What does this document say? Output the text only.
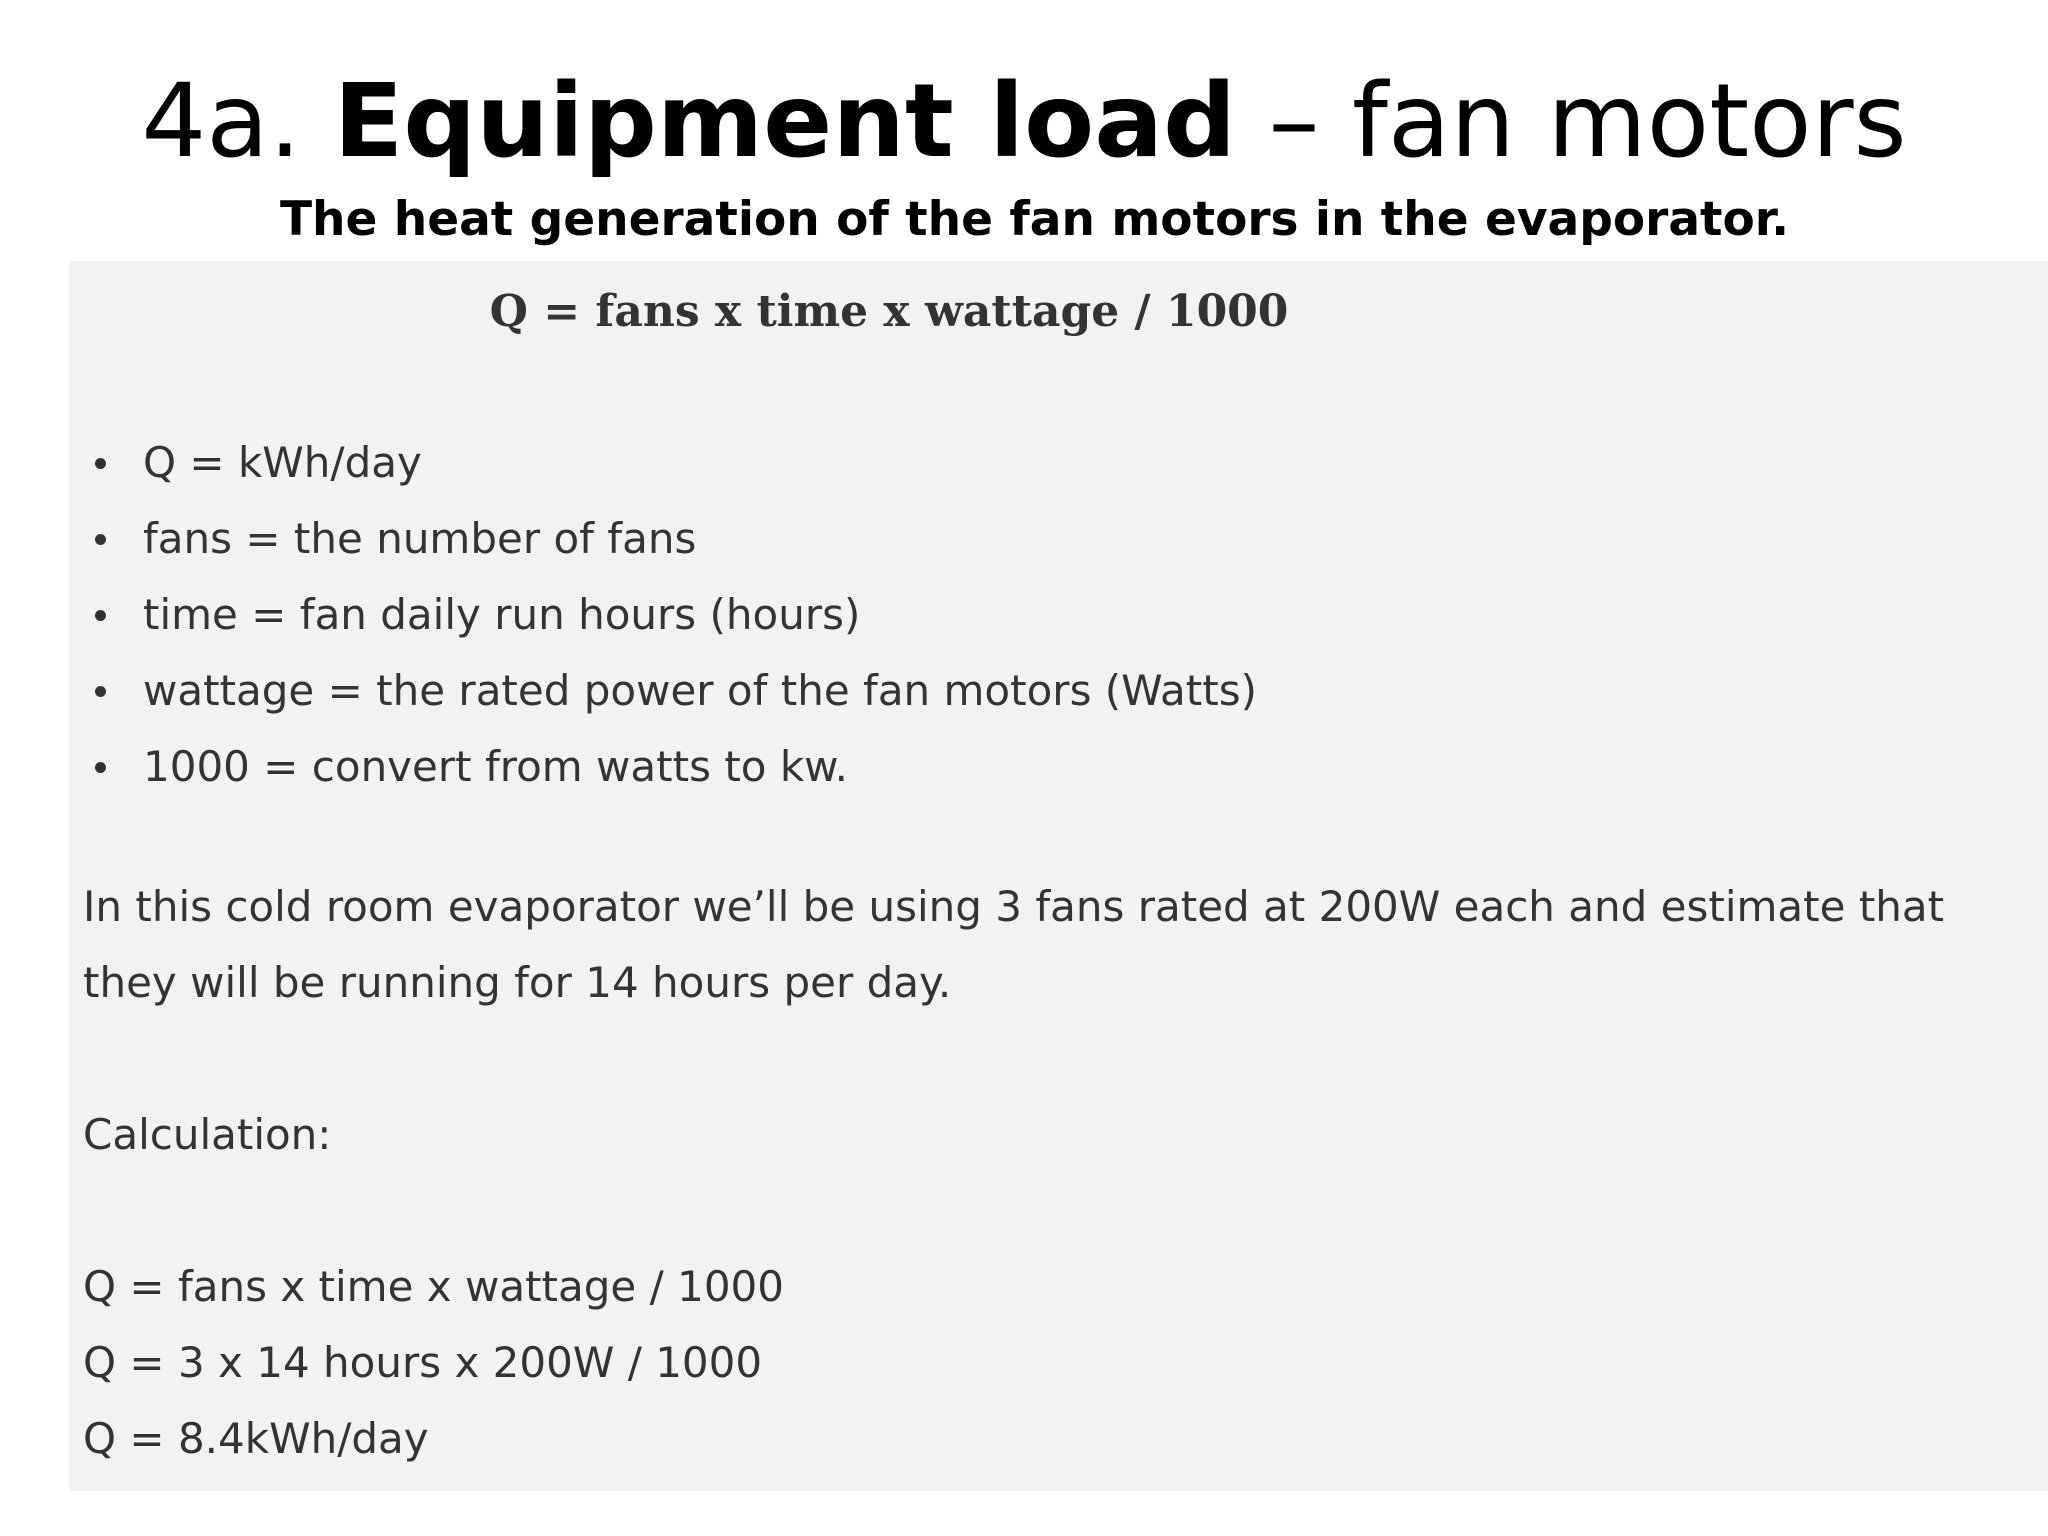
4a. Equipment load – fan motors
The heat generation of the fan motors in the evaporator.
Q = fans x time x wattage / 1000
Q = kWh/day
fans = the number of fans
time = fan daily run hours (hours)
wattage = the rated power of the fan motors (Watts)
1000 = convert from watts to kw.
In this cold room evaporator we’ll be using 3 fans rated at 200W each and estimate that
they will be running for 14 hours per day.
Calculation:
Q = fans x time x wattage / 1000
Q = 3 x 14 hours x 200W / 1000
Q = 8.4kWh/day
